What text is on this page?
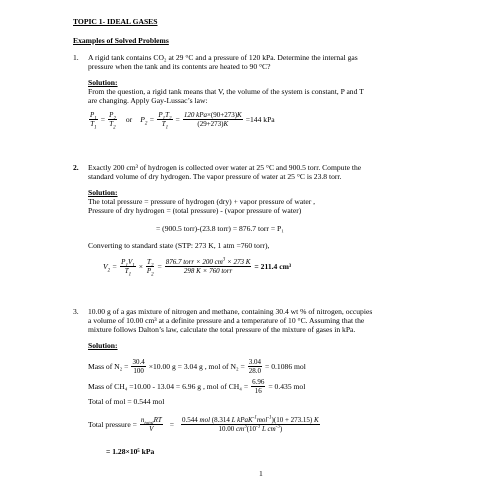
TOPIC 1- IDEAL GASES
Examples of Solved Problems
1. A rigid tank contains CO₂ at 29 °C and a pressure of 120 kPa. Determine the internal gas
pressure when the tank and its contents are heated to 90 °C?
Solution:
From the question, a rigid tank means that V, the volume of the system is constant, P and T
are changing. Apply Gay-Lussac’s law:
$\frac{P_1}{T_1} = \frac{P_2}{T_2}$ or $P_2 = \frac{P_1T_2}{T_1} = \frac{\text{120 kPa×(90+273)K}}{(29+273)K} =144$ kPa
2. Exactly 200 cm³ of hydrogen is collected over water at 25 °C and 900.5 torr. Compute the
standard volume of dry hydrogen. The vapor pressure of water at 25 °C is 23.8 torr.
Solution:
The total pressure = pressure of hydrogen (dry) + vapor pressure of water ,
Pressure of dry hydrogen = (total pressure) - (vapor pressure of water)
= (900.5 torr)-(23.8 torr) = 876.7 torr = P₁
Converting to standard state (STP: 273 K, 1 atm =760 torr),
$V_2 = \frac{P_1V_1}{T_1} \times \frac{T_2}{P_2} = \frac{876.7 torr \times 200 cm^3 \times 273 K}{\text{298 K × 760 torr}} = 211.4$ cm³
3. 10.00 g of a gas mixture of nitrogen and methane, containing 30.4 wt % of nitrogen, occupies
a volume of 10.00 cm³ at a definite pressure and a temperature of 10 °C. Assuming that the
mixture follows Dalton’s law, calculate the total pressure of the mixture of gases in kPa.
Solution:
Mass of $N_2 = \frac{30.4}{100} \times 10.00$ g = 3.04 g , mol of $N_2 = \frac{3.04}{28.0} = 0.1086$ mol
Mass of CH₄ =10.00 - 13.04 = 6.96 g , mol of $CH_4 = \frac{6.96}{16} = 0.435$ mol
Total of mol = 0.544 mol
Total pressure = $\frac{n_{total}RT}{V} = \frac{0.544 mol (8.314 L kPaK^{-1}mol^{-1})(10 + 273.15) K}{10.00 cm^3(10^{-3} L cm^{-3})}$
= 1.28×10⁵ kPa
1
